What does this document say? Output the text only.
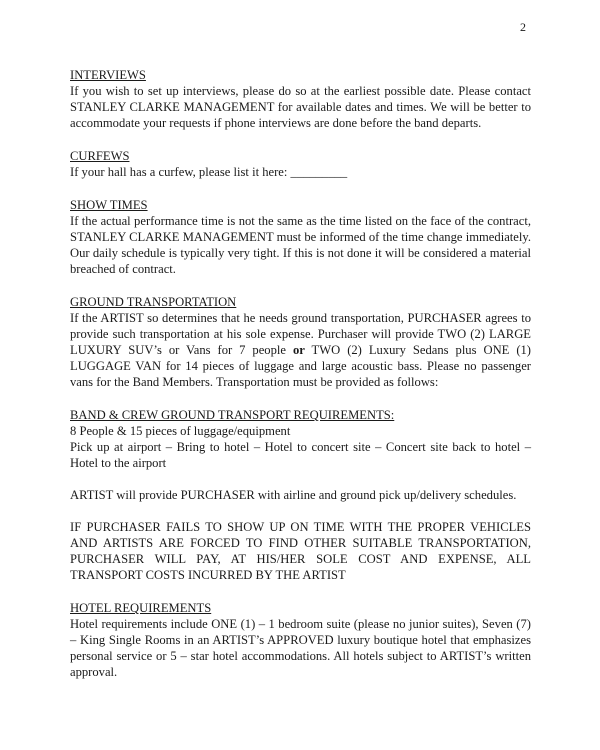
2
INTERVIEWS
If you wish to set up interviews, please do so at the earliest possible date. Please contact STANLEY CLARKE MANAGEMENT for available dates and times. We will be better to accommodate your requests if phone interviews are done before the band departs.
CURFEWS
If your hall has a curfew, please list it here: _________
SHOW TIMES
If the actual performance time is not the same as the time listed on the face of the contract, STANLEY CLARKE MANAGEMENT must be informed of the time change immediately. Our daily schedule is typically very tight. If this is not done it will be considered a material breached of contract.
GROUND TRANSPORTATION
If the ARTIST so determines that he needs ground transportation, PURCHASER agrees to provide such transportation at his sole expense. Purchaser will provide TWO (2) LARGE LUXURY SUV’s or Vans for 7 people or TWO (2) Luxury Sedans plus ONE (1) LUGGAGE VAN for 14 pieces of luggage and large acoustic bass. Please no passenger vans for the Band Members. Transportation must be provided as follows:
BAND & CREW GROUND TRANSPORT REQUIREMENTS:
8 People & 15 pieces of luggage/equipment
Pick up at airport – Bring to hotel – Hotel to concert site – Concert site back to hotel – Hotel to the airport
ARTIST will provide PURCHASER with airline and ground pick up/delivery schedules.
IF PURCHASER FAILS TO SHOW UP ON TIME WITH THE PROPER VEHICLES AND ARTISTS ARE FORCED TO FIND OTHER SUITABLE TRANSPORTATION, PURCHASER WILL PAY, AT HIS/HER SOLE COST AND EXPENSE, ALL TRANSPORT COSTS INCURRED BY THE ARTIST
HOTEL REQUIREMENTS
Hotel requirements include ONE (1) – 1 bedroom suite (please no junior suites), Seven (7) – King Single Rooms in an ARTIST’s APPROVED luxury boutique hotel that emphasizes personal service or 5 – star hotel accommodations. All hotels subject to ARTIST’s written approval.
